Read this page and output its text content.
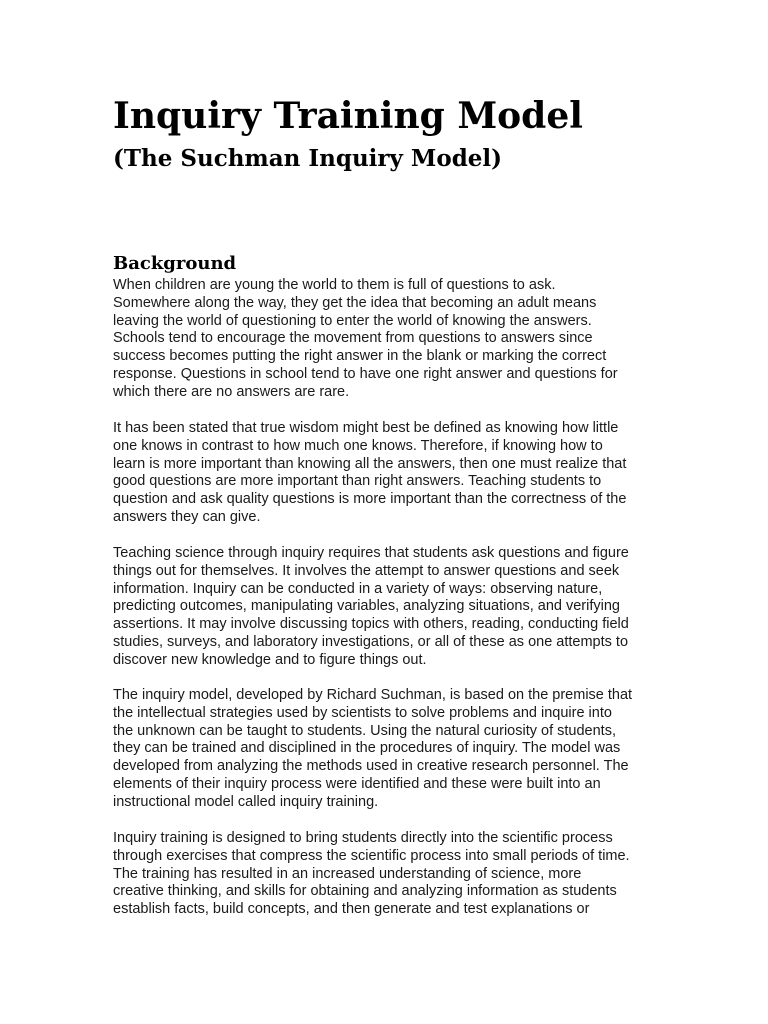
Inquiry Training Model
(The Suchman Inquiry Model)
Background

When children are young the world to them is full of questions to ask.
Somewhere along the way, they get the idea that becoming an adult means
leaving the world of questioning to enter the world of knowing the answers.
Schools tend to encourage the movement from questions to answers since
success becomes putting the right answer in the blank or marking the correct
response. Questions in school tend to have one right answer and questions for
which there are no answers are rare.

It has been stated that true wisdom might best be defined as knowing how little
one knows in contrast to how much one knows. Therefore, if knowing how to
learn is more important than knowing all the answers, then one must realize that
good questions are more important than right answers. Teaching students to
question and ask quality questions is more important than the correctness of the
answers they can give.

Teaching science through inquiry requires that students ask questions and figure
things out for themselves. It involves the attempt to answer questions and seek
information. Inquiry can be conducted in a variety of ways: observing nature,
predicting outcomes, manipulating variables, analyzing situations, and verifying
assertions. It may involve discussing topics with others, reading, conducting field
studies, surveys, and laboratory investigations, or all of these as one attempts to
discover new knowledge and to figure things out.

The inquiry model, developed by Richard Suchman, is based on the premise that
the intellectual strategies used by scientists to solve problems and inquire into
the unknown can be taught to students. Using the natural curiosity of students,
they can be trained and disciplined in the procedures of inquiry. The model was
developed from analyzing the methods used in creative research personnel. The
elements of their inquiry process were identified and these were built into an
instructional model called inquiry training.

Inquiry training is designed to bring students directly into the scientific process
through exercises that compress the scientific process into small periods of time.
The training has resulted in an increased understanding of science, more
creative thinking, and skills for obtaining and analyzing information as students
establish facts, build concepts, and then generate and test explanations or
